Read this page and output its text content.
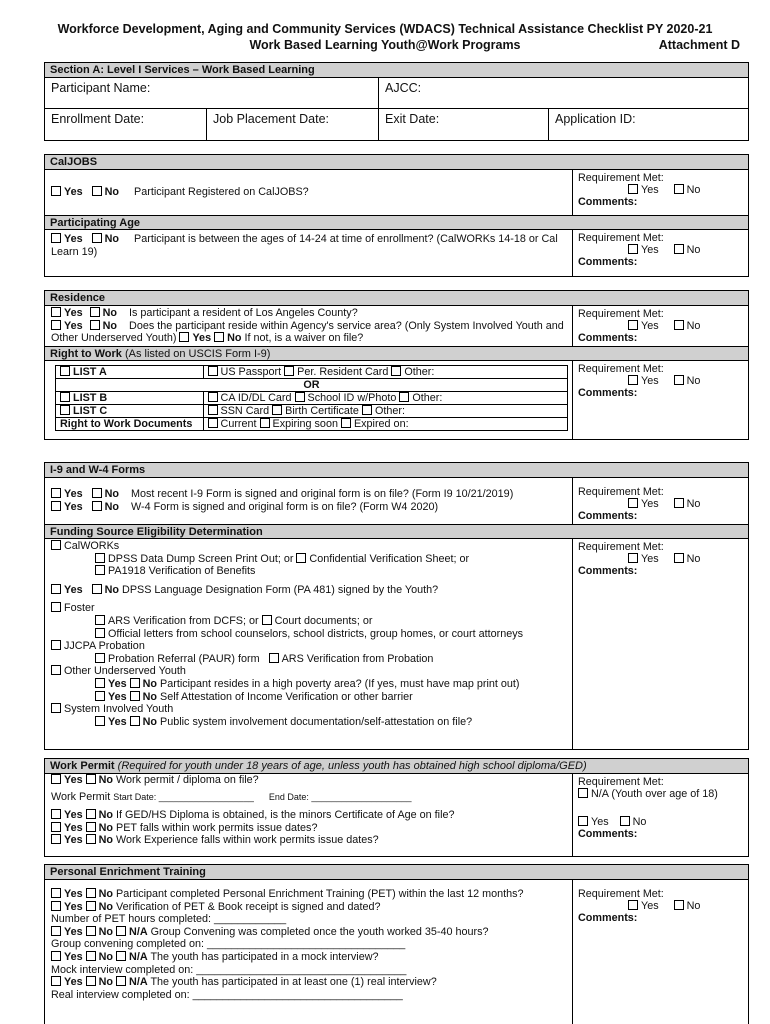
Workforce Development, Aging and Community Services (WDACS) Technical Assistance Checklist PY 2020-21
Work Based Learning Youth@Work Programs	Attachment D
Section A: Level I Services – Work Based Learning
Participant Name:	AJCC:
Enrollment Date:	Job Placement Date:	Exit Date:	Application ID:
CalJOBS
Yes No Participant Registered on CalJOBS?
Requirement Met:
Yes	No
Comments:
Participating Age
Yes No Participant is between the ages of 14-24 at time of enrollment? (CalWORKs 14-18 or Cal Learn 19)
Requirement Met:
Yes	No
Comments:
Residence
Yes No Is participant a resident of Los Angeles County?
Yes No Does the participant reside within Agency's service area? (Only System Involved Youth and Other Underserved Youth) Yes No If not, is a waiver on file?
Requirement Met:
Yes	No
Comments:
Right to Work (As listed on USCIS Form I-9)
LIST A	US Passport Per. Resident Card Other:
OR	
LIST B	CA ID/DL Card School ID w/Photo Other:
LIST C	SSN Card Birth Certificate Other:
Right to Work Documents	Current Expiring soon Expired on:
Requirement Met:
Yes	No
Comments:
I-9 and W-4 Forms
Yes No Most recent I-9 Form is signed and original form is on file? (Form I9 10/21/2019)
Yes No W-4 Form is signed and original form is on file? (Form W4 2020)
Requirement Met:
Yes	No
Comments:
Funding Source Eligibility Determination
CalWORKs
DPSS Data Dump Screen Print Out; or Confidential Verification Sheet; or
PA1918 Verification of Benefits
Yes No DPSS Language Designation Form (PA 481) signed by the Youth?
Foster
ARS Verification from DCFS; or Court documents; or
Official letters from school counselors, school districts, group homes, or court attorneys
JJCPA Probation
Probation Referral (PAUR) form ARS Verification from Probation
Other Underserved Youth
Yes No Participant resides in a high poverty area? (If yes, must have map print out)
Yes No Self Attestation of Income Verification or other barrier
System Involved Youth
Yes No Public system involvement documentation/self-attestation on file?
Requirement Met:
Yes	No
Comments:
Work Permit (Required for youth under 18 years of age, unless youth has obtained high school diploma/GED)
Yes No Work permit / diploma on file?
Work Permit Start Date: ___________________ End Date: ____________________
Yes No If GED/HS Diploma is obtained, is the minors Certificate of Age on file?
Yes No PET falls within work permits issue dates?
Yes No Work Experience falls within work permits issue dates?
Requirement Met:
N/A (Youth over age of 18)
Yes No
Comments:
Personal Enrichment Training
Yes No Participant completed Personal Enrichment Training (PET) within the last 12 months?
Yes No Verification of PET & Book receipt is signed and dated?
Number of PET hours completed: ____________
Yes No N/A Group Convening was completed once the youth worked 35-40 hours?
Group convening completed on: _________________________________
Yes No N/A The youth has participated in a mock interview?
Mock interview completed on: ___________________________________
Yes No N/A The youth has participated in at least one (1) real interview?
Real interview completed on: ___________________________________
Requirement Met:
Yes	No
Comments:
